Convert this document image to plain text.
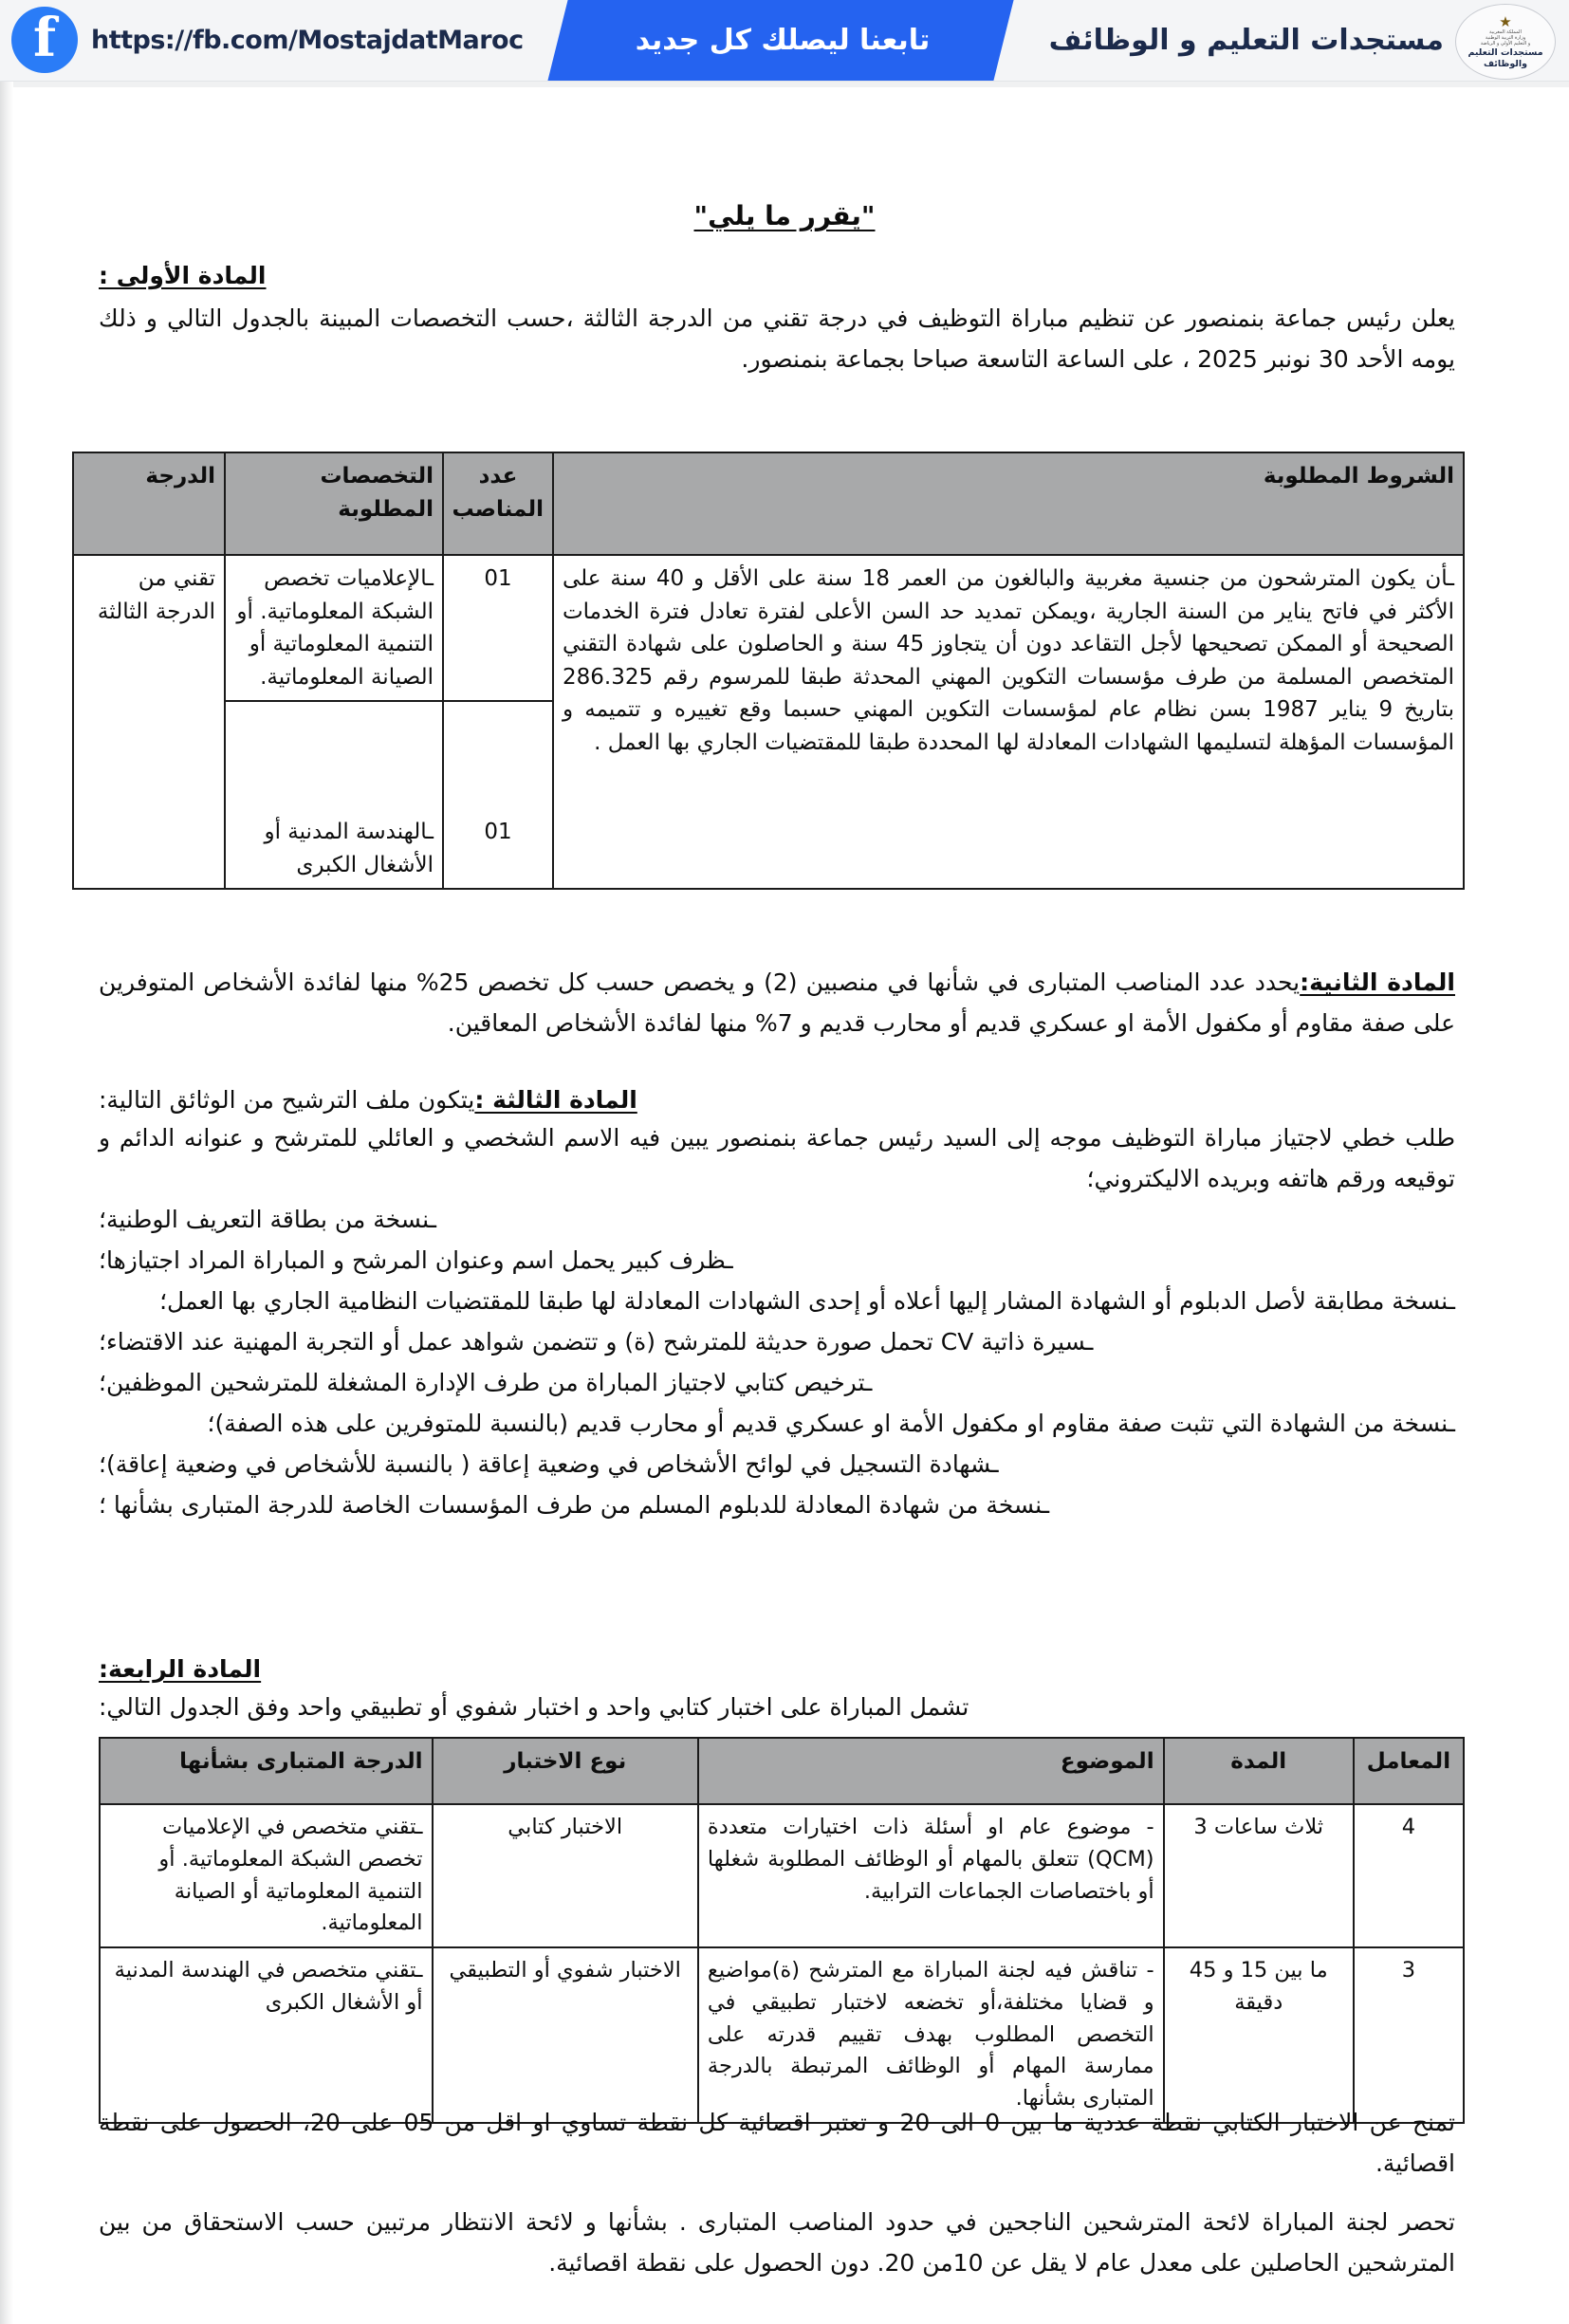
f https://fb.com/MostajdatMaroc	تابعنا ليصلك كل جديد	مستجدات التعليم و الوظائف
★
المملكة المغربية
وزارة التربية الوطنية
و التعليم الأولي و الرياضة
مستجدات التعليم
والوظائف
"يقرر ما يلي"
المادة الأولى :
يعلن رئيس جماعة بنمنصور عن تنظيم مباراة التوظيف في درجة تقني من الدرجة الثالثة ،حسب التخصصات المبينة بالجدول التالي و ذلك يومه الأحد 30 نونبر 2025 ، على الساعة التاسعة صباحا بجماعة بنمنصور.
الشروط المطلوبة	عدد المناصب	التخصصات المطلوبة	الدرجة
ـأن يكون المترشحون من جنسية مغربية والبالغون من العمر 18 سنة على الأقل و 40 سنة على الأكثر في فاتح يناير من السنة الجارية ،ويمكن تمديد حد السن الأعلى لفترة تعادل فترة الخدمات الصحيحة أو الممكن تصحيحها لأجل التقاعد دون أن يتجاوز 45 سنة و الحاصلون على شهادة التقني المتخصص المسلمة من طرف مؤسسات التكوين المهني المحدثة طبقا للمرسوم رقم 286.325 بتاريخ 9 يناير 1987 بسن نظام عام لمؤسسات التكوين المهني حسبما وقع تغييره و تتميمه و المؤسسات المؤهلة لتسليمها الشهادات المعادلة لها المحددة طبقا للمقتضيات الجاري بها العمل .	01	ـالإعلاميات تخصص الشبكة المعلوماتية. أو التنمية المعلوماتية أو الصيانة المعلوماتية.	تقني من الدرجة الثالثة
	01	ـالهندسة المدنية أو الأشغال الكبرى	
المادة الثانية:يحدد عدد المناصب المتبارى في شأنها في منصبين (2) و يخصص حسب كل تخصص 25% منها لفائدة الأشخاص المتوفرين على صفة مقاوم أو مكفول الأمة او عسكري قديم أو محارب قديم و 7% منها لفائدة الأشخاص المعاقين.
المادة الثالثة :يتكون ملف الترشيح من الوثائق التالية:
طلب خطي لاجتياز مباراة التوظيف موجه إلى السيد رئيس جماعة بنمنصور يبين فيه الاسم الشخصي و العائلي للمترشح و عنوانه الدائم و توقيعه ورقم هاتفه وبريده الاليكتروني؛
ـنسخة من بطاقة التعريف الوطنية؛
ـظرف كبير يحمل اسم وعنوان المرشح و المباراة المراد اجتيازها؛
ـنسخة مطابقة لأصل الدبلوم أو الشهادة المشار إليها أعلاه أو إحدى الشهادات المعادلة لها طبقا للمقتضيات النظامية الجاري بها العمل؛
ـسيرة ذاتية CV تحمل صورة حديثة للمترشح (ة) و تتضمن شواهد عمل أو التجربة المهنية عند الاقتضاء؛
ـترخيص كتابي لاجتياز المباراة من طرف الإدارة المشغلة للمترشحين الموظفين؛
ـنسخة من الشهادة التي تثبت صفة مقاوم او مكفول الأمة او عسكري قديم أو محارب قديم (بالنسبة للمتوفرين على هذه الصفة)؛
ـشهادة التسجيل في لوائح الأشخاص في وضعية إعاقة ( بالنسبة للأشخاص في وضعية إعاقة)؛
ـنسخة من شهادة المعادلة للدبلوم المسلم من طرف المؤسسات الخاصة للدرجة المتبارى بشأنها ؛
المادة الرابعة:
تشمل المباراة على اختبار كتابي واحد و اختبار شفوي أو تطبيقي واحد وفق الجدول التالي:
المعامل	المدة	الموضوع	نوع الاختبار	الدرجة المتبارى بشأنها
4	ثلاث ساعات 3	- موضوع عام او أسئلة ذات اختيارات متعددة (QCM) تتعلق بالمهام أو الوظائف المطلوبة شغلها أو باختصاصات الجماعات الترابية.	الاختبار كتابي	ـتقني متخصص في الإعلاميات تخصص الشبكة المعلوماتية. أو التنمية المعلوماتية أو الصيانة المعلوماتية.
3	ما بين 15 و 45 دقيقة	- تناقش فيه لجنة المباراة مع المترشح (ة)مواضيع و قضايا مختلفة،أو تخضعه لاختبار تطبيقي في التخصص المطلوب بهدف تقييم قدرته على ممارسة المهام أو الوظائف المرتبطة بالدرجة المتبارى بشأنها.	الاختبار شفوي أو التطبيقي	ـتقني متخصص في الهندسة المدنية أو الأشغال الكبرى
تمنح عن الاختبار الكتابي نقطة عددية ما بين 0 الى 20 و تعتبر اقصائية كل نقطة تساوي او اقل من 05 على 20، الحصول على نقطة اقصائية.
تحصر لجنة المباراة لائحة المترشحين الناجحين في حدود المناصب المتبارى . بشأنها و لائحة الانتظار مرتبين حسب الاستحقاق من بين المترشحين الحاصلين على معدل عام لا يقل عن 10من 20. دون الحصول على نقطة اقصائية.
